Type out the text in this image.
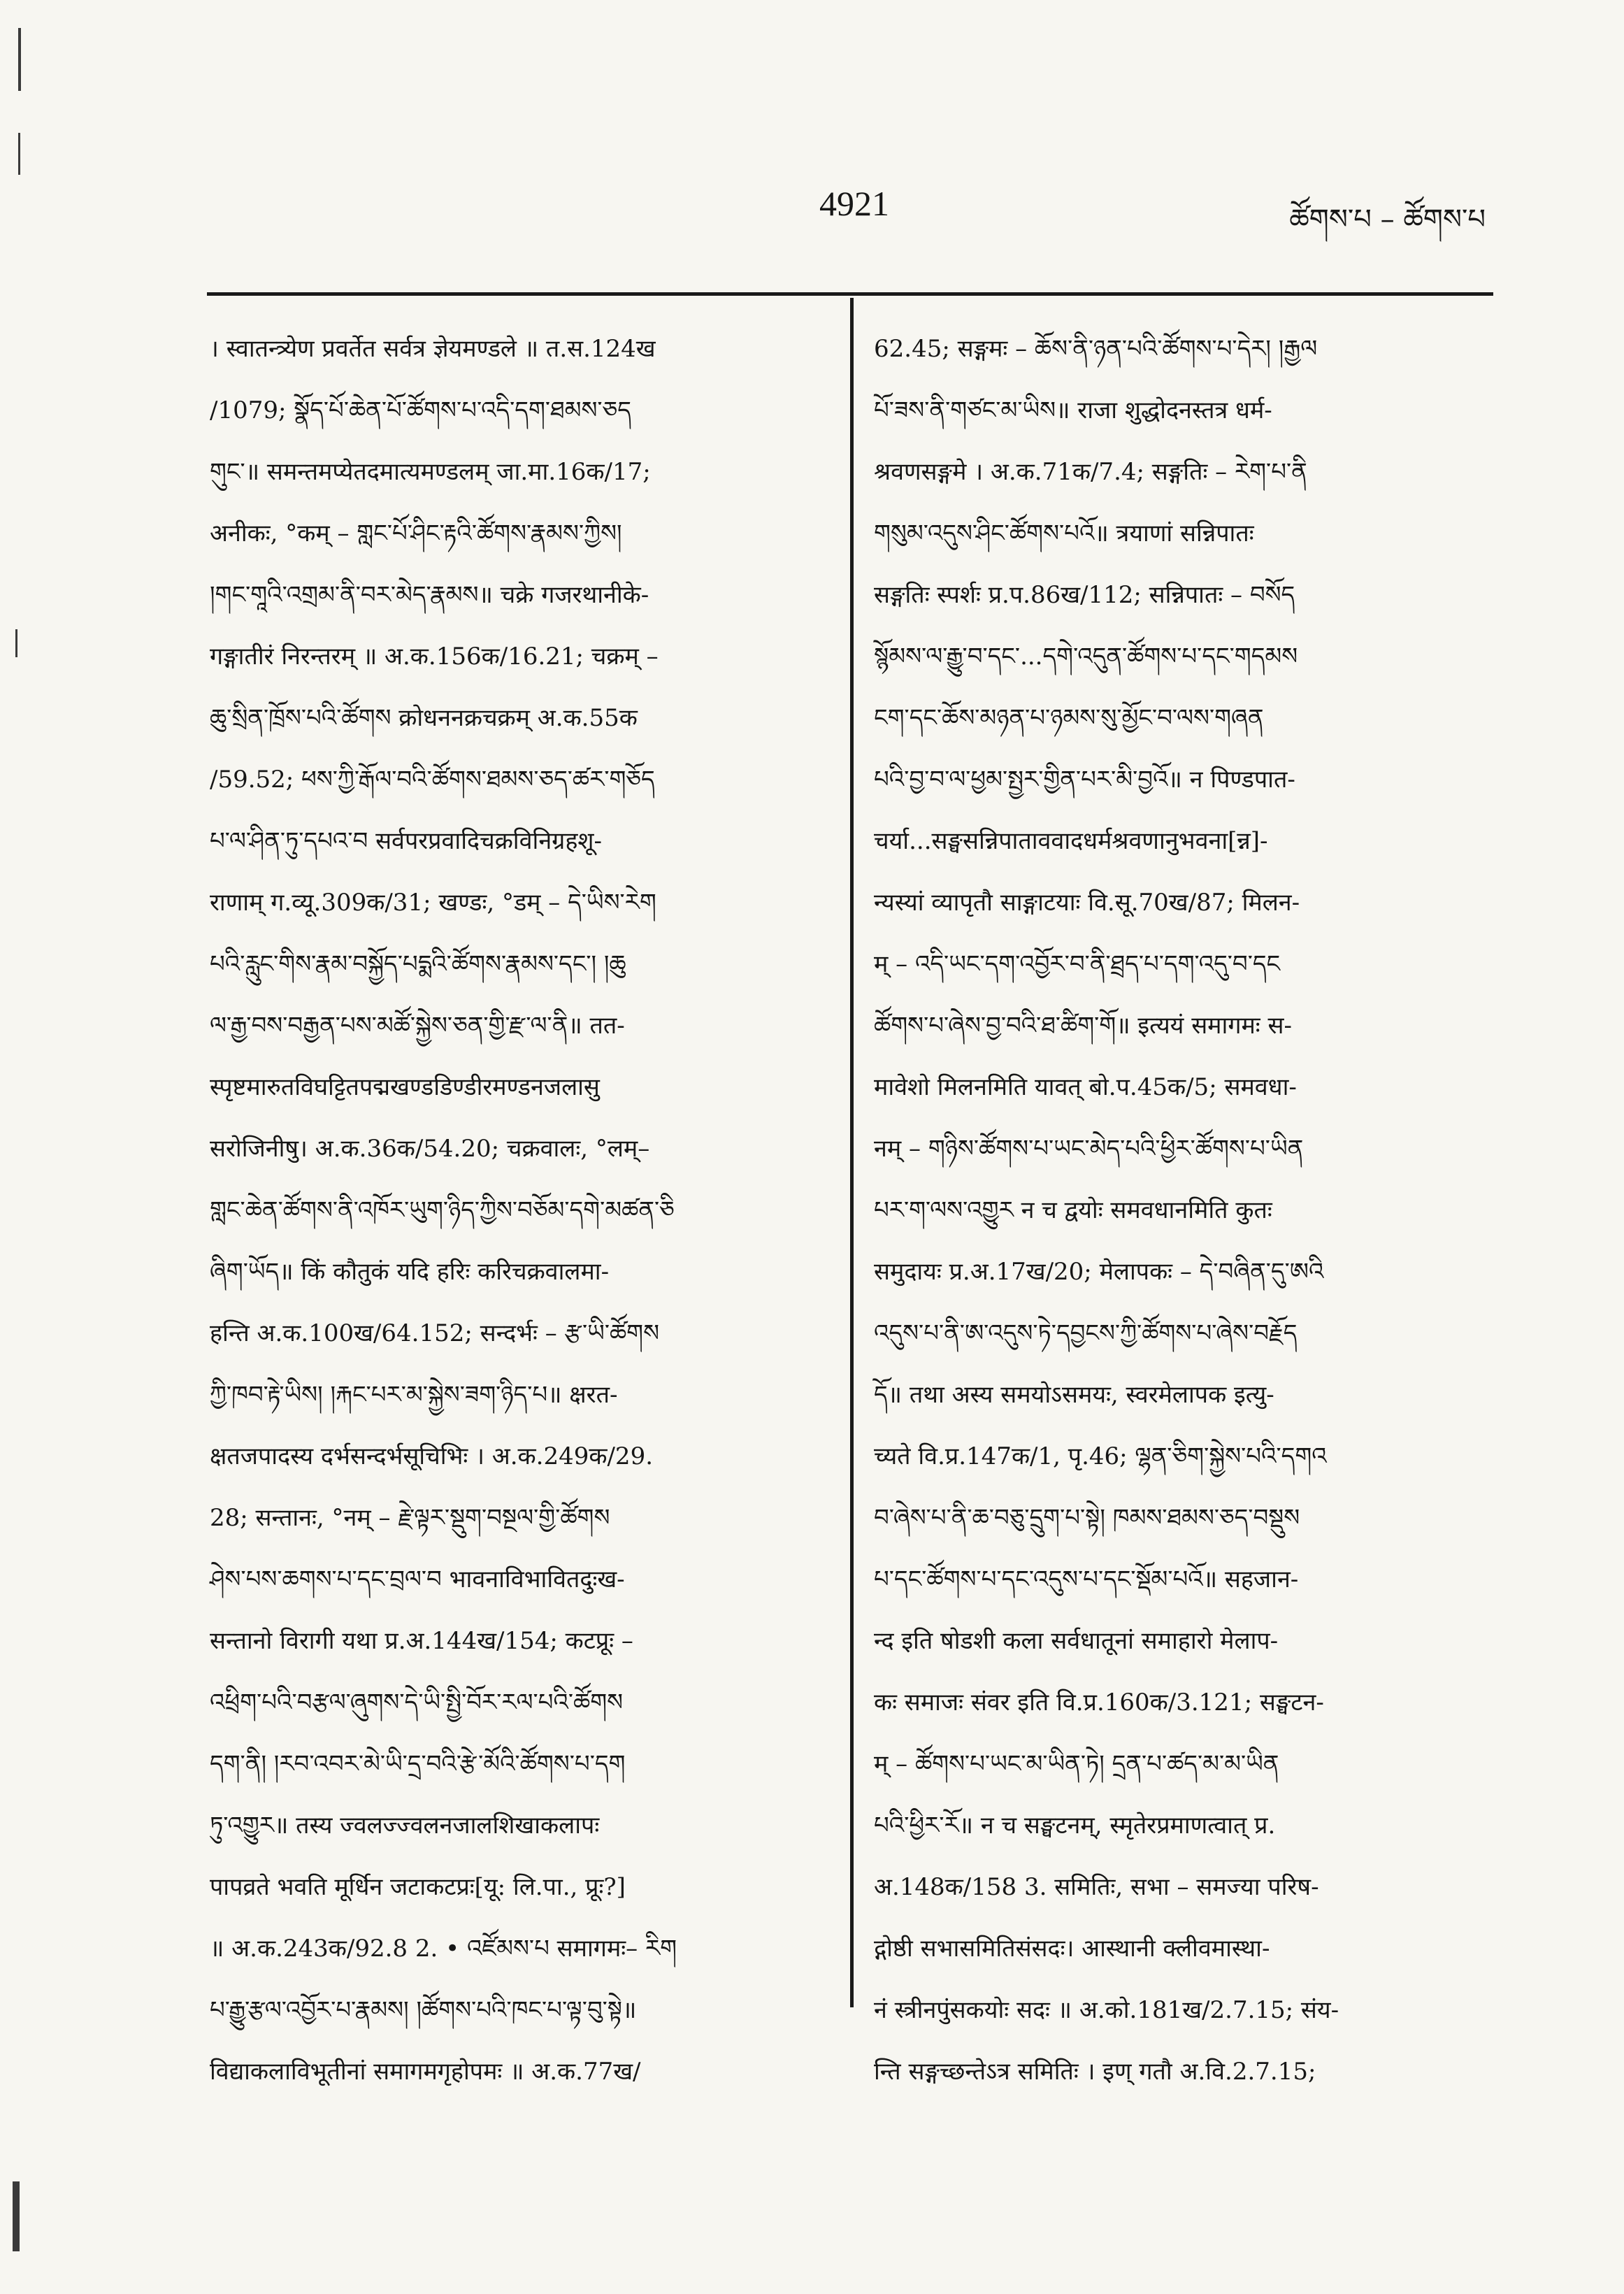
4921	ཚོགས་པ – ཚོགས་པ
। स्वातन्त्र्येण प्रवर्तेत सर्वत्र ज्ञेयमण्डले ॥ त.स.124ख
/1079; སྣོད་པོ་ཆེན་པོ་ཚོགས་པ་འདི་དག་ཐམས་ཅད
གུང་॥ समन्तमप्येतदमात्यमण्डलम् जा.मा.16क/17;
अनीकः, °कम् – གླང་པོ་ཤིང་རྟའི་ཚོགས་རྣམས་ཀྱིས།
།གང་གཱའི་འགྲམ་ནི་བར་མེད་རྣམས॥ चक्रे गजरथानीके-
गङ्गातीरं निरन्तरम् ॥ अ.क.156क/16.21; चक्रम् –
ཆུ་སྲིན་ཁྲོས་པའི་ཚོགས क्रोधननक्रचक्रम् अ.क.55क
/59.52; ཕས་ཀྱི་རྒོལ་བའི་ཚོགས་ཐམས་ཅད་ཚར་གཅོད
པ་ལ་ཤིན་ཏུ་དཔའ་བ सर्वपरप्रवादिचक्रविनिग्रहशू-
राणाम् ग.व्यू.309क/31; खण्डः, °डम् – དེ་ཡིས་རེག
པའི་རླུང་གིས་རྣམ་བསྐྱོད་པདྨའི་ཚོགས་རྣམས་དང་། །ཆུ
ལ་རྒྱ་བས་བརྒྱན་པས་མཚོ་སྐྱེས་ཅན་གྱི་རྫ་ལ་ནི॥ तत-
स्पृष्टमारुतविघट्टितपद्मखण्डडिण्डीरमण्डनजलासु
सरोजिनीषु। अ.क.36क/54.20; चक्रवालः, °लम्–
གླང་ཆེན་ཚོགས་ནི་འཁོར་ཡུག་ཉིད་ཀྱིས་བཅོམ་དགེ་མཚན་ཅི
ཞིག་ཡོད॥ किं कौतुकं यदि हरिः करिचक्रवालमा-
हन्ति अ.क.100ख/64.152; सन्दर्भः – རྩ་ཡི་ཚོགས
ཀྱི་ཁབ་རྟེ་ཡིས། །རྐང་པར་མ་སྐྱེས་ཟག་ཉིད་པ॥ क्षरत-
क्षतजपादस्य दर्भसन्दर्भसूचिभिः । अ.क.249क/29.
28; सन्तानः, °नम् – རྗེ་ལྟར་སྡུག་བསྔལ་གྱི་ཚོགས
ཤེས་པས་ཆགས་པ་དང་བྲལ་བ भावनाविभावितदुःख-
सन्तानो विरागी यथा प्र.अ.144ख/154; कटप्रूः –
འཕྲིག་པའི་བརྩལ་ཞུགས་དེ་ཡི་སྤྱི་བོར་རལ་པའི་ཚོགས
དག་ནི། །རབ་འབར་མེ་ཡི་དྲ་བའི་རྩེ་མོའི་ཚོགས་པ་དག
ཏུ་འགྱུར॥ तस्य ज्वलज्ज्वलनजालशिखाकलापः
पापव्रते भवति मूर्धिन जटाकटप्रः[यू: लि.पा., प्रूः?]
॥ अ.क.243क/92.8 2. • འཛོམས་པ समागमः– རིག
པ་རྒྱུ་རྩལ་འབྱོར་པ་རྣམས། །ཚོགས་པའི་ཁང་པ་ལྟ་བུ་སྟེ॥
विद्याकलाविभूतीनां समागमगृहोपमः ॥ अ.क.77ख/
62.45; सङ्गमः – ཆོས་ནི་ཉན་པའི་ཚོགས་པ་དེར། །རྒྱལ
པོ་ཟས་ནི་གཙང་མ་ཡིས॥ राजा शुद्धोदनस्तत्र धर्म-
श्रवणसङ्गमे । अ.क.71क/7.4; सङ्गतिः – རེག་པ་ནི
གསུམ་འདུས་ཤིང་ཚོགས་པའོ॥ त्रयाणां सन्निपातः
सङ्गतिः स्पर्शः प्र.प.86ख/112; सन्निपातः – བསོད
སྙོམས་ལ་རྒྱུ་བ་དང་...དགེ་འདུན་ཚོགས་པ་དང་གདམས
ངག་དང་ཆོས་མཉན་པ་ཉམས་སུ་མྱོང་བ་ལས་གཞན
པའི་བྱ་བ་ལ་ཕྱམ་སྤྱར་གྱིན་པར་མི་བྱའོ॥ न पिण्डपात-
चर्या...सङ्घसन्निपाताववादधर्मश्रवणानुभवना[न्न]-
न्यस्यां व्यापृतौ साङ्गाटयाः वि.सू.70ख/87; मिलन-
म् – འདི་ཡང་དག་འབྱོར་བ་ནི་ཐྲད་པ་དག་འདུ་བ་དང
ཚོགས་པ་ཞེས་བྱ་བའི་ཐ་ཚིག་གོ॥ इत्ययं समागमः स-
मावेशो मिलनमिति यावत् बो.प.45क/5; समवधा-
नम् – གཉིས་ཚོགས་པ་ཡང་མེད་པའི་ཕྱིར་ཚོགས་པ་ཡིན
པར་ག་ལས་འགྱུར न च द्वयोः समवधानमिति कुतः
समुदायः प्र.अ.17ख/20; मेलापकः – དེ་བཞིན་དུ་ཨའི
འདུས་པ་ནི་ཨ་འདུས་ཏེ་དབྱངས་ཀྱི་ཚོགས་པ་ཞེས་བརྗོད
དོ॥ तथा अस्य समयोऽसमयः, स्वरमेलापक इत्यु-
च्यते वि.प्र.147क/1, पृ.46; ལྷན་ཅིག་སྐྱེས་པའི་དགའ
བ་ཞེས་པ་ནི་ཆ་བཅུ་དྲུག་པ་སྟེ། ཁམས་ཐམས་ཅད་བསྡུས
པ་དང་ཚོགས་པ་དང་འདུས་པ་དང་སྡོམ་པའོ॥ सहजान-
न्द इति षोडशी कला सर्वधातूनां समाहारो मेलाप-
कः समाजः संवर इति वि.प्र.160क/3.121; सङ्घटन-
म् – ཚོགས་པ་ཡང་མ་ཡིན་ཏེ། དྲན་པ་ཚད་མ་མ་ཡིན
པའི་ཕྱིར་རོ॥ न च सङ्घटनम्, स्मृतेरप्रमाणत्वात् प्र.
अ.148क/158 3. समितिः, सभा – समज्या परिष-
द्गोष्ठी सभासमितिसंसदः। आस्थानी क्लीवमास्था-
नं स्त्रीनपुंसकयोः सदः ॥ अ.को.181ख/2.7.15; संय-
न्ति सङ्गच्छन्तेऽत्र समितिः । इण् गतौ अ.वि.2.7.15;
